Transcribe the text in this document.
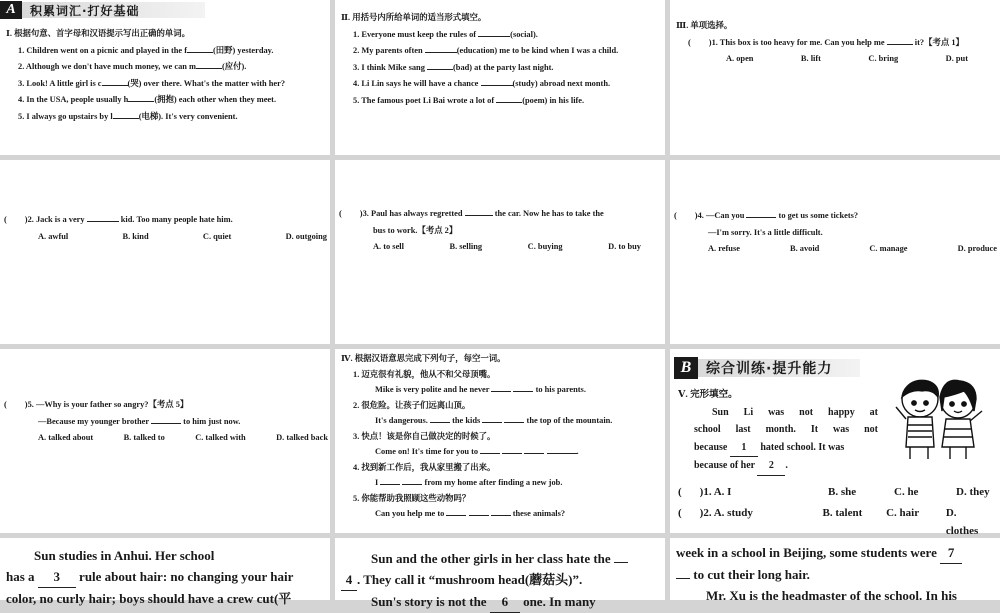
A	积累词汇·打好基础
Ⅰ. 根据句意、首字母和汉语提示写出正确的单词。
1. Children went on a picnic and played in the f	(田野) yesterday.
2. Although we don't have much money, we can m	(应付).
3. Look! A little girl is c	(哭) over there. What's the matter with her?
4. In the USA, people usually h	(拥抱) each other when they meet.
5. I always go upstairs by l	(电梯). It's very convenient.
Ⅱ. 用括号内所给单词的适当形式填空。
1. Everyone must keep the rules of	(social).
2. My parents often	(education) me to be kind when I was a child.
3. I think Mike sang	(bad) at the party last night.
4. Li Lin says he will have a chance	(study) abroad next month.
5. The famous poet Li Bai wrote a lot of	(poem) in his life.
Ⅲ. 单项选择。
( )1. This box is too heavy for me. Can you help me	it?【考点 1】
A. open	B. lift	C. bring	D. put
( )2. Jack is a very	kid. Too many people hate him.
A. awful	B. kind	C. quiet	D. outgoing
( )3. Paul has always regretted	the car. Now he has to take the
bus to work.【考点 2】
A. to sell	B. selling	C. buying	D. to buy
( )4. —Can you	to get us some tickets?
—I'm sorry. It's a little difficult.
A. refuse	B. avoid	C. manage	D. produce
( )5. —Why is your father so angry?【考点 5】
—Because my younger brother	to him just now.
A. talked about	B. talked to	C. talked with	D. talked back
Ⅳ. 根据汉语意思完成下列句子，每空一词。
1. 迈克很有礼貌，他从不和父母顶嘴。
Mike is very polite and he never	to his parents.
2. 很危险。让孩子们远离山顶。
It's dangerous.	the kids	the top of the mountain.
3. 快点！该是你自己做决定的时候了。
Come on! It's time for you to	.
4. 找到新工作后，我从家里搬了出来。
I	from my home after finding a new job.
5. 你能帮助我照顾这些动物吗？
Can you help me to	these animals?
B	综合训练·提升能力
Ⅴ. 完形填空。
Sun Li was not happy at
school last month. It was not
because 1 hated school. It was
because of her 2 .
( )1. A. I	B. she	C. he	D. they
( )2. A. study	B. talent	C. hair	D. clothes
Sun studies in Anhui. Her school
has a 3 rule about hair: no changing your hair
color, no curly hair; boys should have a crew cut(平
Sun and the other girls in her class hate the
4 . They call it “mushroom head(蘑菇头)”.
Sun's story is not the 6 one. In many
week in a school in Beijing, some students were 7
to cut their long hair.
Mr. Xu is the headmaster of the school. In his
